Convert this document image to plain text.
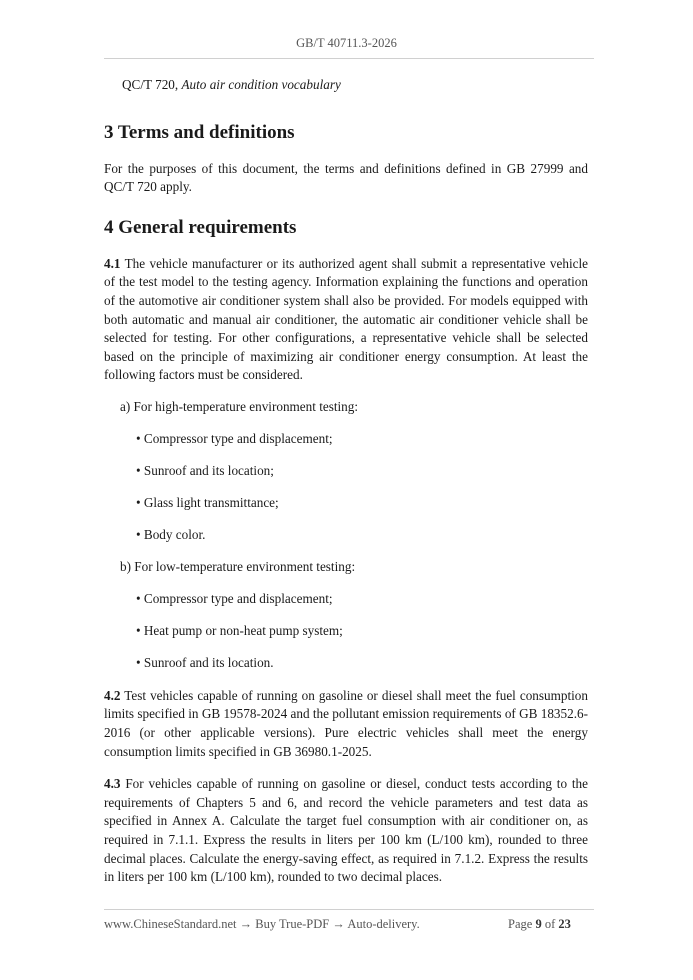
GB/T 40711.3-2026

QC/T 720, Auto air condition vocabulary

3 Terms and definitions

For the purposes of this document, the terms and definitions defined in GB 27999 and QC/T 720 apply.

4 General requirements

4.1 The vehicle manufacturer or its authorized agent shall submit a representative vehicle of the test model to the testing agency. Information explaining the functions and operation of the automotive air conditioner system shall also be provided. For models equipped with both automatic and manual air conditioner, the automatic air conditioner vehicle shall be selected for testing. For other configurations, a representative vehicle shall be selected based on the principle of maximizing air conditioner energy consumption. At least the following factors must be considered.

a) For high-temperature environment testing:

• Compressor type and displacement;

• Sunroof and its location;

• Glass light transmittance;

• Body color.

b) For low-temperature environment testing:

• Compressor type and displacement;

• Heat pump or non-heat pump system;

• Sunroof and its location.

4.2 Test vehicles capable of running on gasoline or diesel shall meet the fuel consumption limits specified in GB 19578-2024 and the pollutant emission requirements of GB 18352.6-2016 (or other applicable versions). Pure electric vehicles shall meet the energy consumption limits specified in GB 36980.1-2025.

4.3 For vehicles capable of running on gasoline or diesel, conduct tests according to the requirements of Chapters 5 and 6, and record the vehicle parameters and test data as specified in Annex A. Calculate the target fuel consumption with air conditioner on, as required in 7.1.1. Express the results in liters per 100 km (L/100 km), rounded to three decimal places. Calculate the energy-saving effect, as required in 7.1.2. Express the results in liters per 100 km (L/100 km), rounded to two decimal places.

www.ChineseStandard.net → Buy True-PDF → Auto-delivery.	Page 9 of 23
